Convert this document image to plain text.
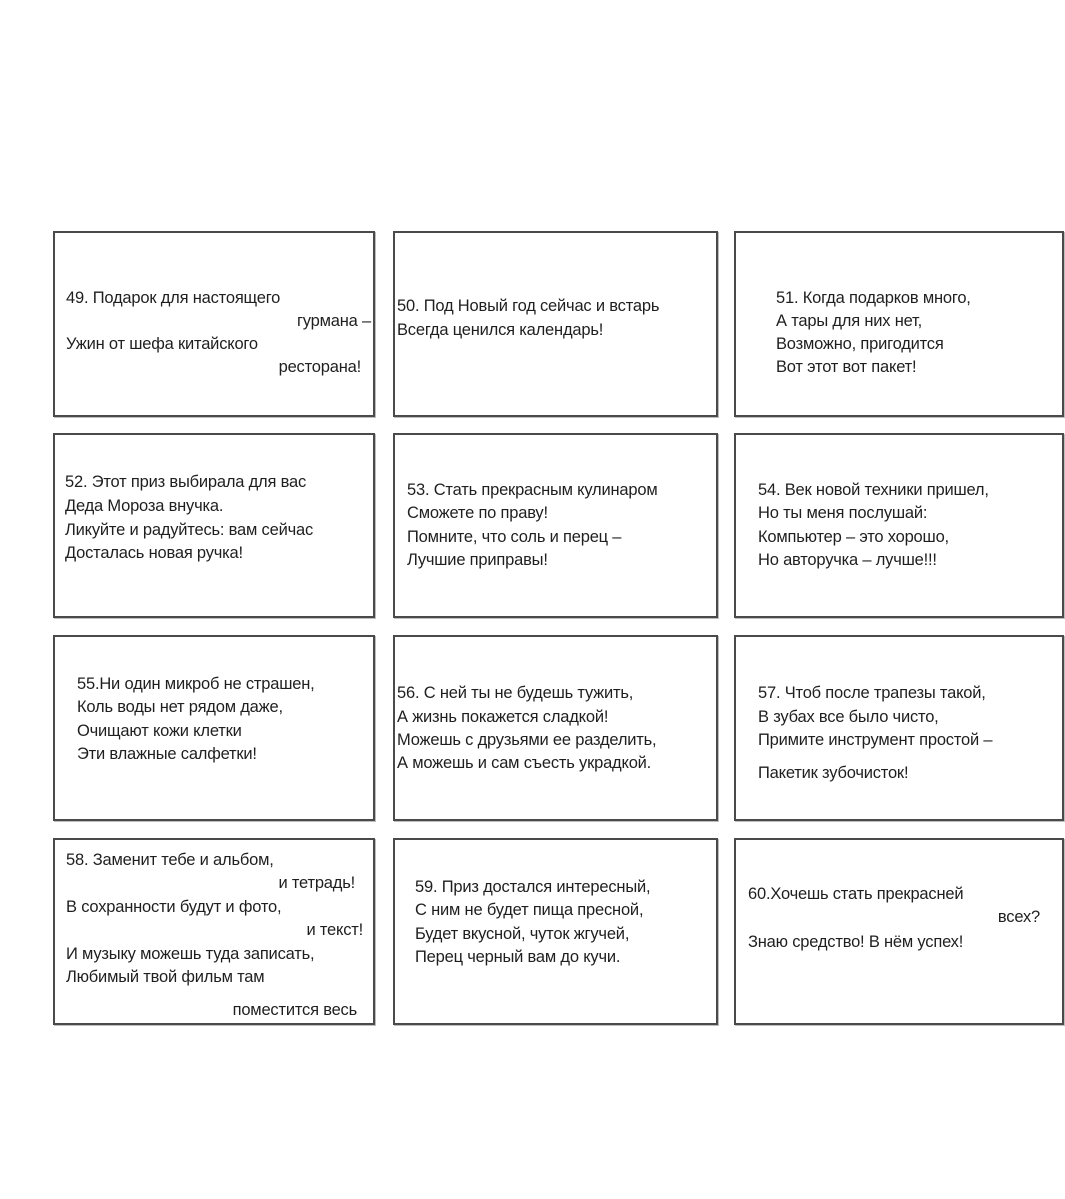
49. Подарок для настоящего
гурмана –
Ужин от шефа китайского
ресторана!
50. Под Новый год сейчас и встарь
Всегда ценился календарь!
51. Когда подарков много,
А тары для них нет,
Возможно, пригодится
Вот этот вот пакет!
52. Этот приз выбирала для вас
Деда Мороза внучка.
Ликуйте и радуйтесь: вам сейчас
Досталась новая ручка!
53. Стать прекрасным кулинаром
Сможете по праву!
Помните, что соль и перец –
Лучшие приправы!
54. Век новой техники пришел,
Но ты меня послушай:
Компьютер – это хорошо,
Но авторучка – лучше!!!
55.Ни один микроб не страшен,
Коль воды нет рядом даже,
Очищают кожи клетки
Эти влажные салфетки!
56. С ней ты не будешь тужить,
А жизнь покажется сладкой!
Можешь с друзьями ее разделить,
А можешь и сам съесть украдкой.
57. Чтоб после трапезы такой,
В зубах все было чисто,
Примите инструмент простой –
Пакетик зубочисток!
58. Заменит тебе и альбом,
и тетрадь!
В сохранности будут и фото,
и текст!
И музыку можешь туда записать,
Любимый твой фильм там
поместится весь
59. Приз достался интересный,
С ним не будет пища пресной,
Будет вкусной, чуток жгучей,
Перец черный вам до кучи.
60.Хочешь стать прекрасней
всех?
Знаю средство! В нём успех!
